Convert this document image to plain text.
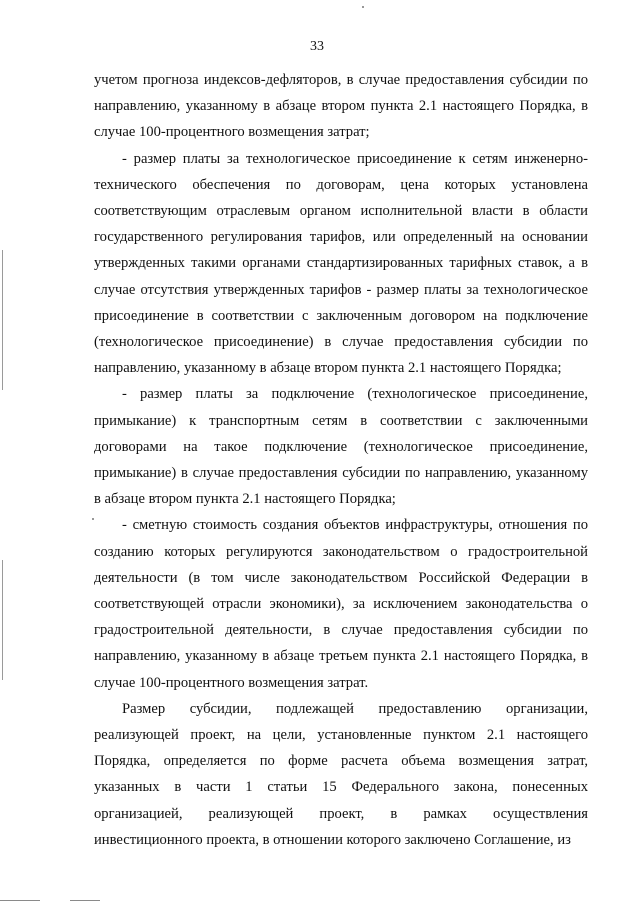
33

учетом прогноза индексов-дефляторов, в случае предоставления субсидии по направлению, указанному в абзаце втором пункта 2.1 настоящего Порядка, в случае 100-процентного возмещения затрат;

- размер платы за технологическое присоединение к сетям инженерно-технического обеспечения по договорам, цена которых установлена соответствующим отраслевым органом исполнительной власти в области государственного регулирования тарифов, или определенный на основании утвержденных такими органами стандартизированных тарифных ставок, а в случае отсутствия утвержденных тарифов - размер платы за технологическое присоединение в соответствии с заключенным договором на подключение (технологическое присоединение) в случае предоставления субсидии по направлению, указанному в абзаце втором пункта 2.1 настоящего Порядка;

- размер платы за подключение (технологическое присоединение, примыкание) к транспортным сетям в соответствии с заключенными договорами на такое подключение (технологическое присоединение, примыкание) в случае предоставления субсидии по направлению, указанному в абзаце втором пункта 2.1 настоящего Порядка;

- сметную стоимость создания объектов инфраструктуры, отношения по созданию которых регулируются законодательством о градостроительной деятельности (в том числе законодательством Российской Федерации в соответствующей отрасли экономики), за исключением законодательства о градостроительной деятельности, в случае предоставления субсидии по направлению, указанному в абзаце третьем пункта 2.1 настоящего Порядка, в случае 100-процентного возмещения затрат.

Размер субсидии, подлежащей предоставлению организации, реализующей проект, на цели, установленные пунктом 2.1 настоящего Порядка, определяется по форме расчета объема возмещения затрат, указанных в части 1 статьи 15 Федерального закона, понесенных организацией, реализующей проект, в рамках осуществления инвестиционного проекта, в отношении которого заключено Соглашение, из
